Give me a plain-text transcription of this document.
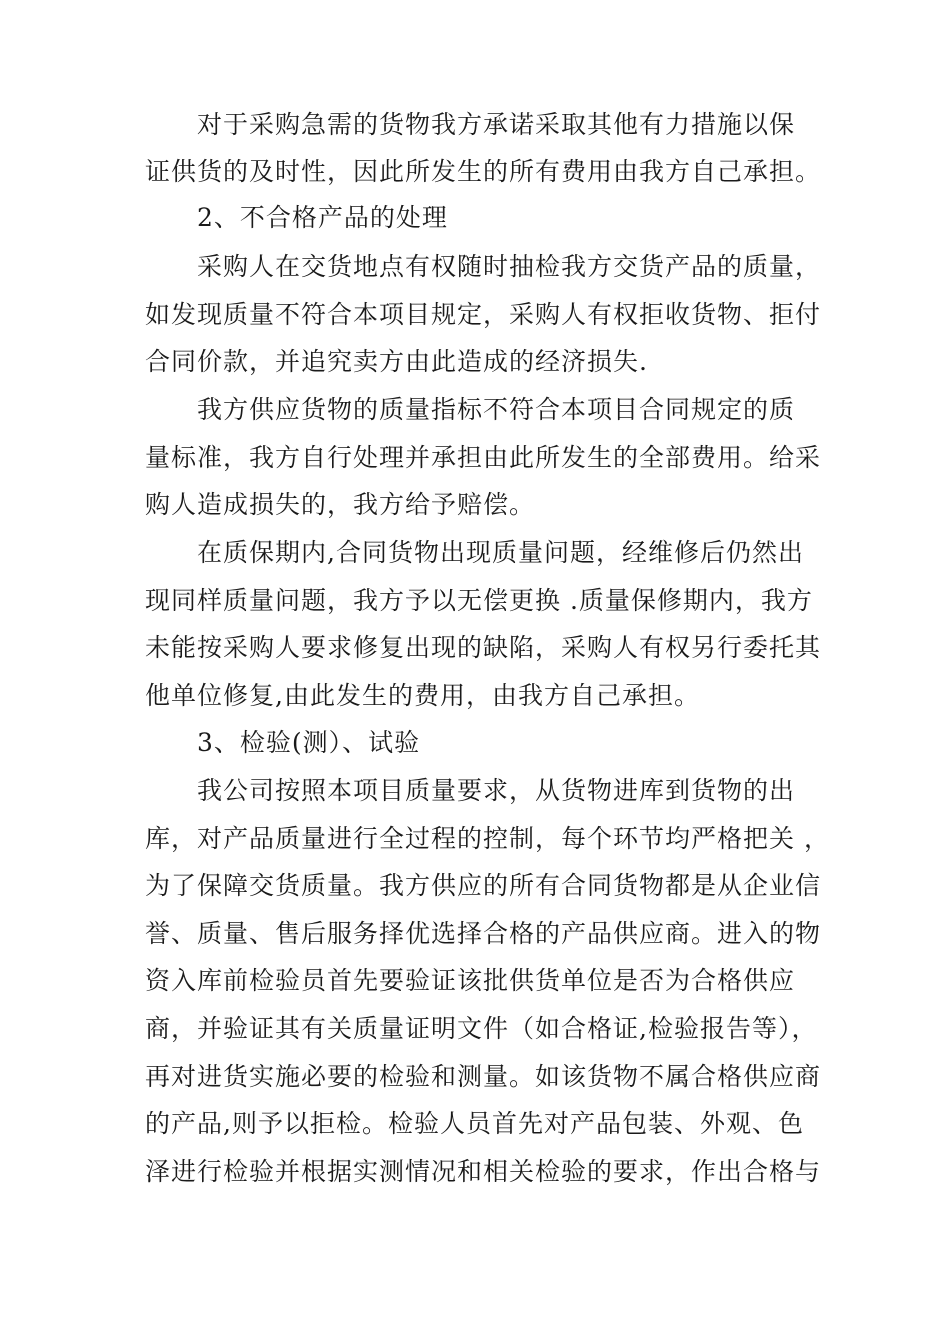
对于采购急需的货物我方承诺采取其他有力措施以保
证供货的及时性，因此所发生的所有费用由我方自己承担。
2、不合格产品的处理
采购人在交货地点有权随时抽检我方交货产品的质量，
如发现质量不符合本项目规定，采购人有权拒收货物、拒付
合同价款，并追究卖方由此造成的经济损失.
我方供应货物的质量指标不符合本项目合同规定的质
量标准，我方自行处理并承担由此所发生的全部费用。给采
购人造成损失的，我方给予赔偿。
在质保期内,合同货物出现质量问题，经维修后仍然出
现同样质量问题，我方予以无偿更换 .质量保修期内，我方
未能按采购人要求修复出现的缺陷，采购人有权另行委托其
他单位修复,由此发生的费用，由我方自己承担。
3、检验(测）、试验
我公司按照本项目质量要求，从货物进库到货物的出
库，对产品质量进行全过程的控制，每个环节均严格把关 ，
为了保障交货质量。我方供应的所有合同货物都是从企业信
誉、质量、售后服务择优选择合格的产品供应商。进入的物
资入库前检验员首先要验证该批供货单位是否为合格供应
商，并验证其有关质量证明文件（如合格证,检验报告等），
再对进货实施必要的检验和测量。如该货物不属合格供应商
的产品,则予以拒检。检验人员首先对产品包装、外观、色
泽进行检验并根据实测情况和相关检验的要求，作出合格与
